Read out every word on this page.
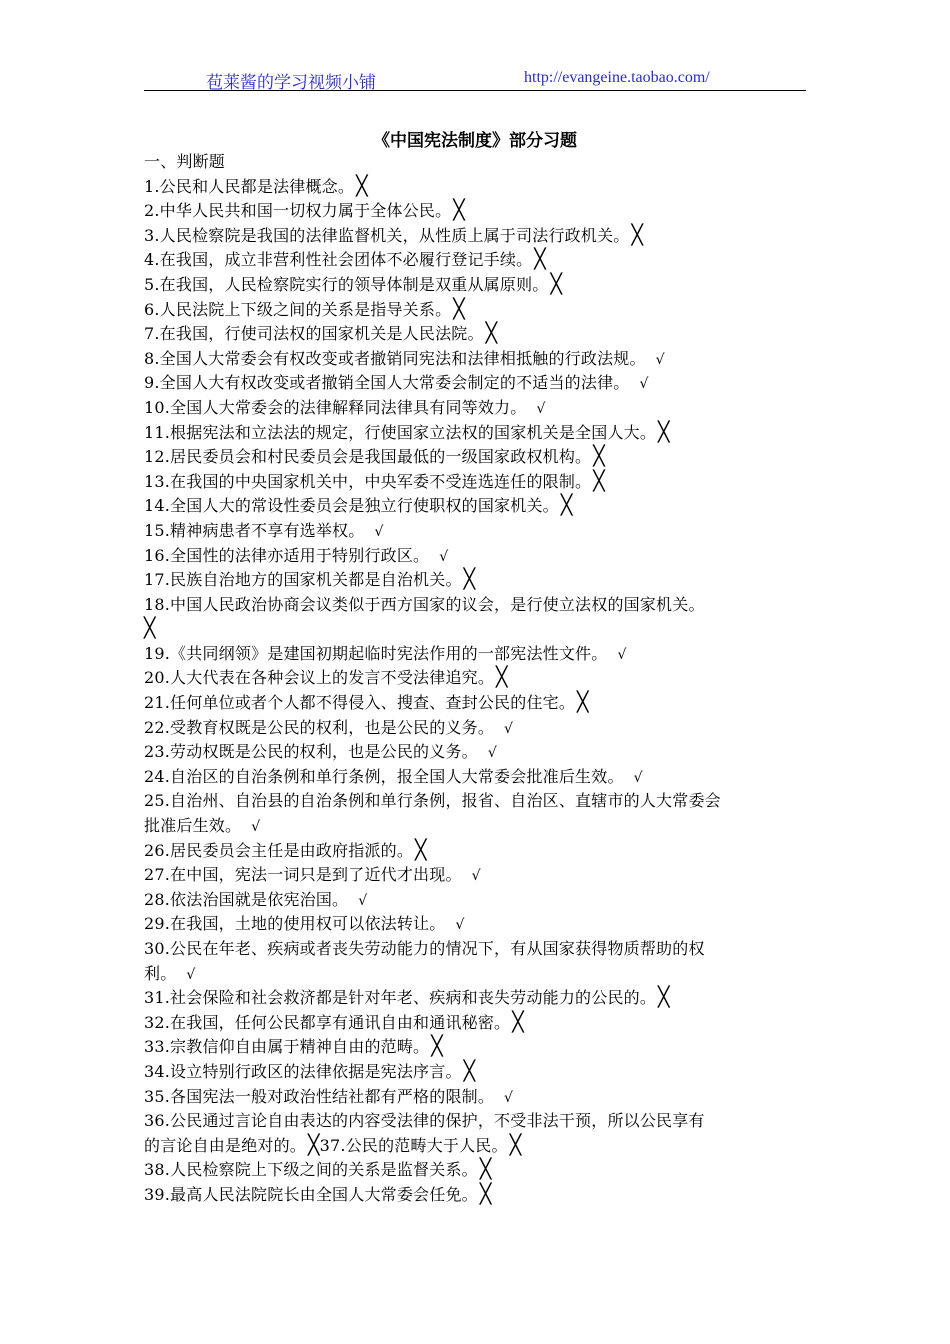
苞莱酱的学习视频小铺	http://evangeine.taobao.com/
《中国宪法制度》部分习题
一、判断题
1.公民和人民都是法律概念。 ╳
2.中华人民共和国一切权力属于全体公民。 ╳
3.人民检察院是我国的法律监督机关，从性质上属于司法行政机关。 ╳
4.在我国，成立非营利性社会团体不必履行登记手续。 ╳
5.在我国，人民检察院实行的领导体制是双重从属原则。 ╳
6.人民法院上下级之间的关系是指导关系。 ╳
7.在我国，行使司法权的国家机关是人民法院。 ╳
8.全国人大常委会有权改变或者撤销同宪法和法律相抵触的行政法规。 √
9.全国人大有权改变或者撤销全国人大常委会制定的不适当的法律。 √
10.全国人大常委会的法律解释同法律具有同等效力。 √
11.根据宪法和立法法的规定，行使国家立法权的国家机关是全国人大。 ╳
12.居民委员会和村民委员会是我国最低的一级国家政权机构。 ╳
13.在我国的中央国家机关中，中央军委不受连选连任的限制。 ╳
14.全国人大的常设性委员会是独立行使职权的国家机关。 ╳
15.精神病患者不享有选举权。 √
16.全国性的法律亦适用于特别行政区。 √
17.民族自治地方的国家机关都是自治机关。 ╳
18.中国人民政治协商会议类似于西方国家的议会，是行使立法权的国家机关。
╳
19.《共同纲领》是建国初期起临时宪法作用的一部宪法性文件。 √
20.人大代表在各种会议上的发言不受法律追究。 ╳
21.任何单位或者个人都不得侵入、搜查、查封公民的住宅。 ╳
22.受教育权既是公民的权利，也是公民的义务。 √
23.劳动权既是公民的权利，也是公民的义务。 √
24.自治区的自治条例和单行条例，报全国人大常委会批准后生效。 √
25.自治州、自治县的自治条例和单行条例，报省、自治区、直辖市的人大常委会
批准后生效。 √
26.居民委员会主任是由政府指派的。 ╳
27.在中国，宪法一词只是到了近代才出现。 √
28.依法治国就是依宪治国。 √
29.在我国，土地的使用权可以依法转让。 √
30.公民在年老、疾病或者丧失劳动能力的情况下，有从国家获得物质帮助的权
利。 √
31.社会保险和社会救济都是针对年老、疾病和丧失劳动能力的公民的。 ╳
32.在我国，任何公民都享有通讯自由和通讯秘密。 ╳
33.宗教信仰自由属于精神自由的范畴。 ╳
34.设立特别行政区的法律依据是宪法序言。 ╳
35.各国宪法一般对政治性结社都有严格的限制。 √
36.公民通过言论自由表达的内容受法律的保护，不受非法干预，所以公民享有
的言论自由是绝对的。 ╳37.公民的范畴大于人民。 ╳
38.人民检察院上下级之间的关系是监督关系。 ╳
39.最高人民法院院长由全国人大常委会任免。 ╳
